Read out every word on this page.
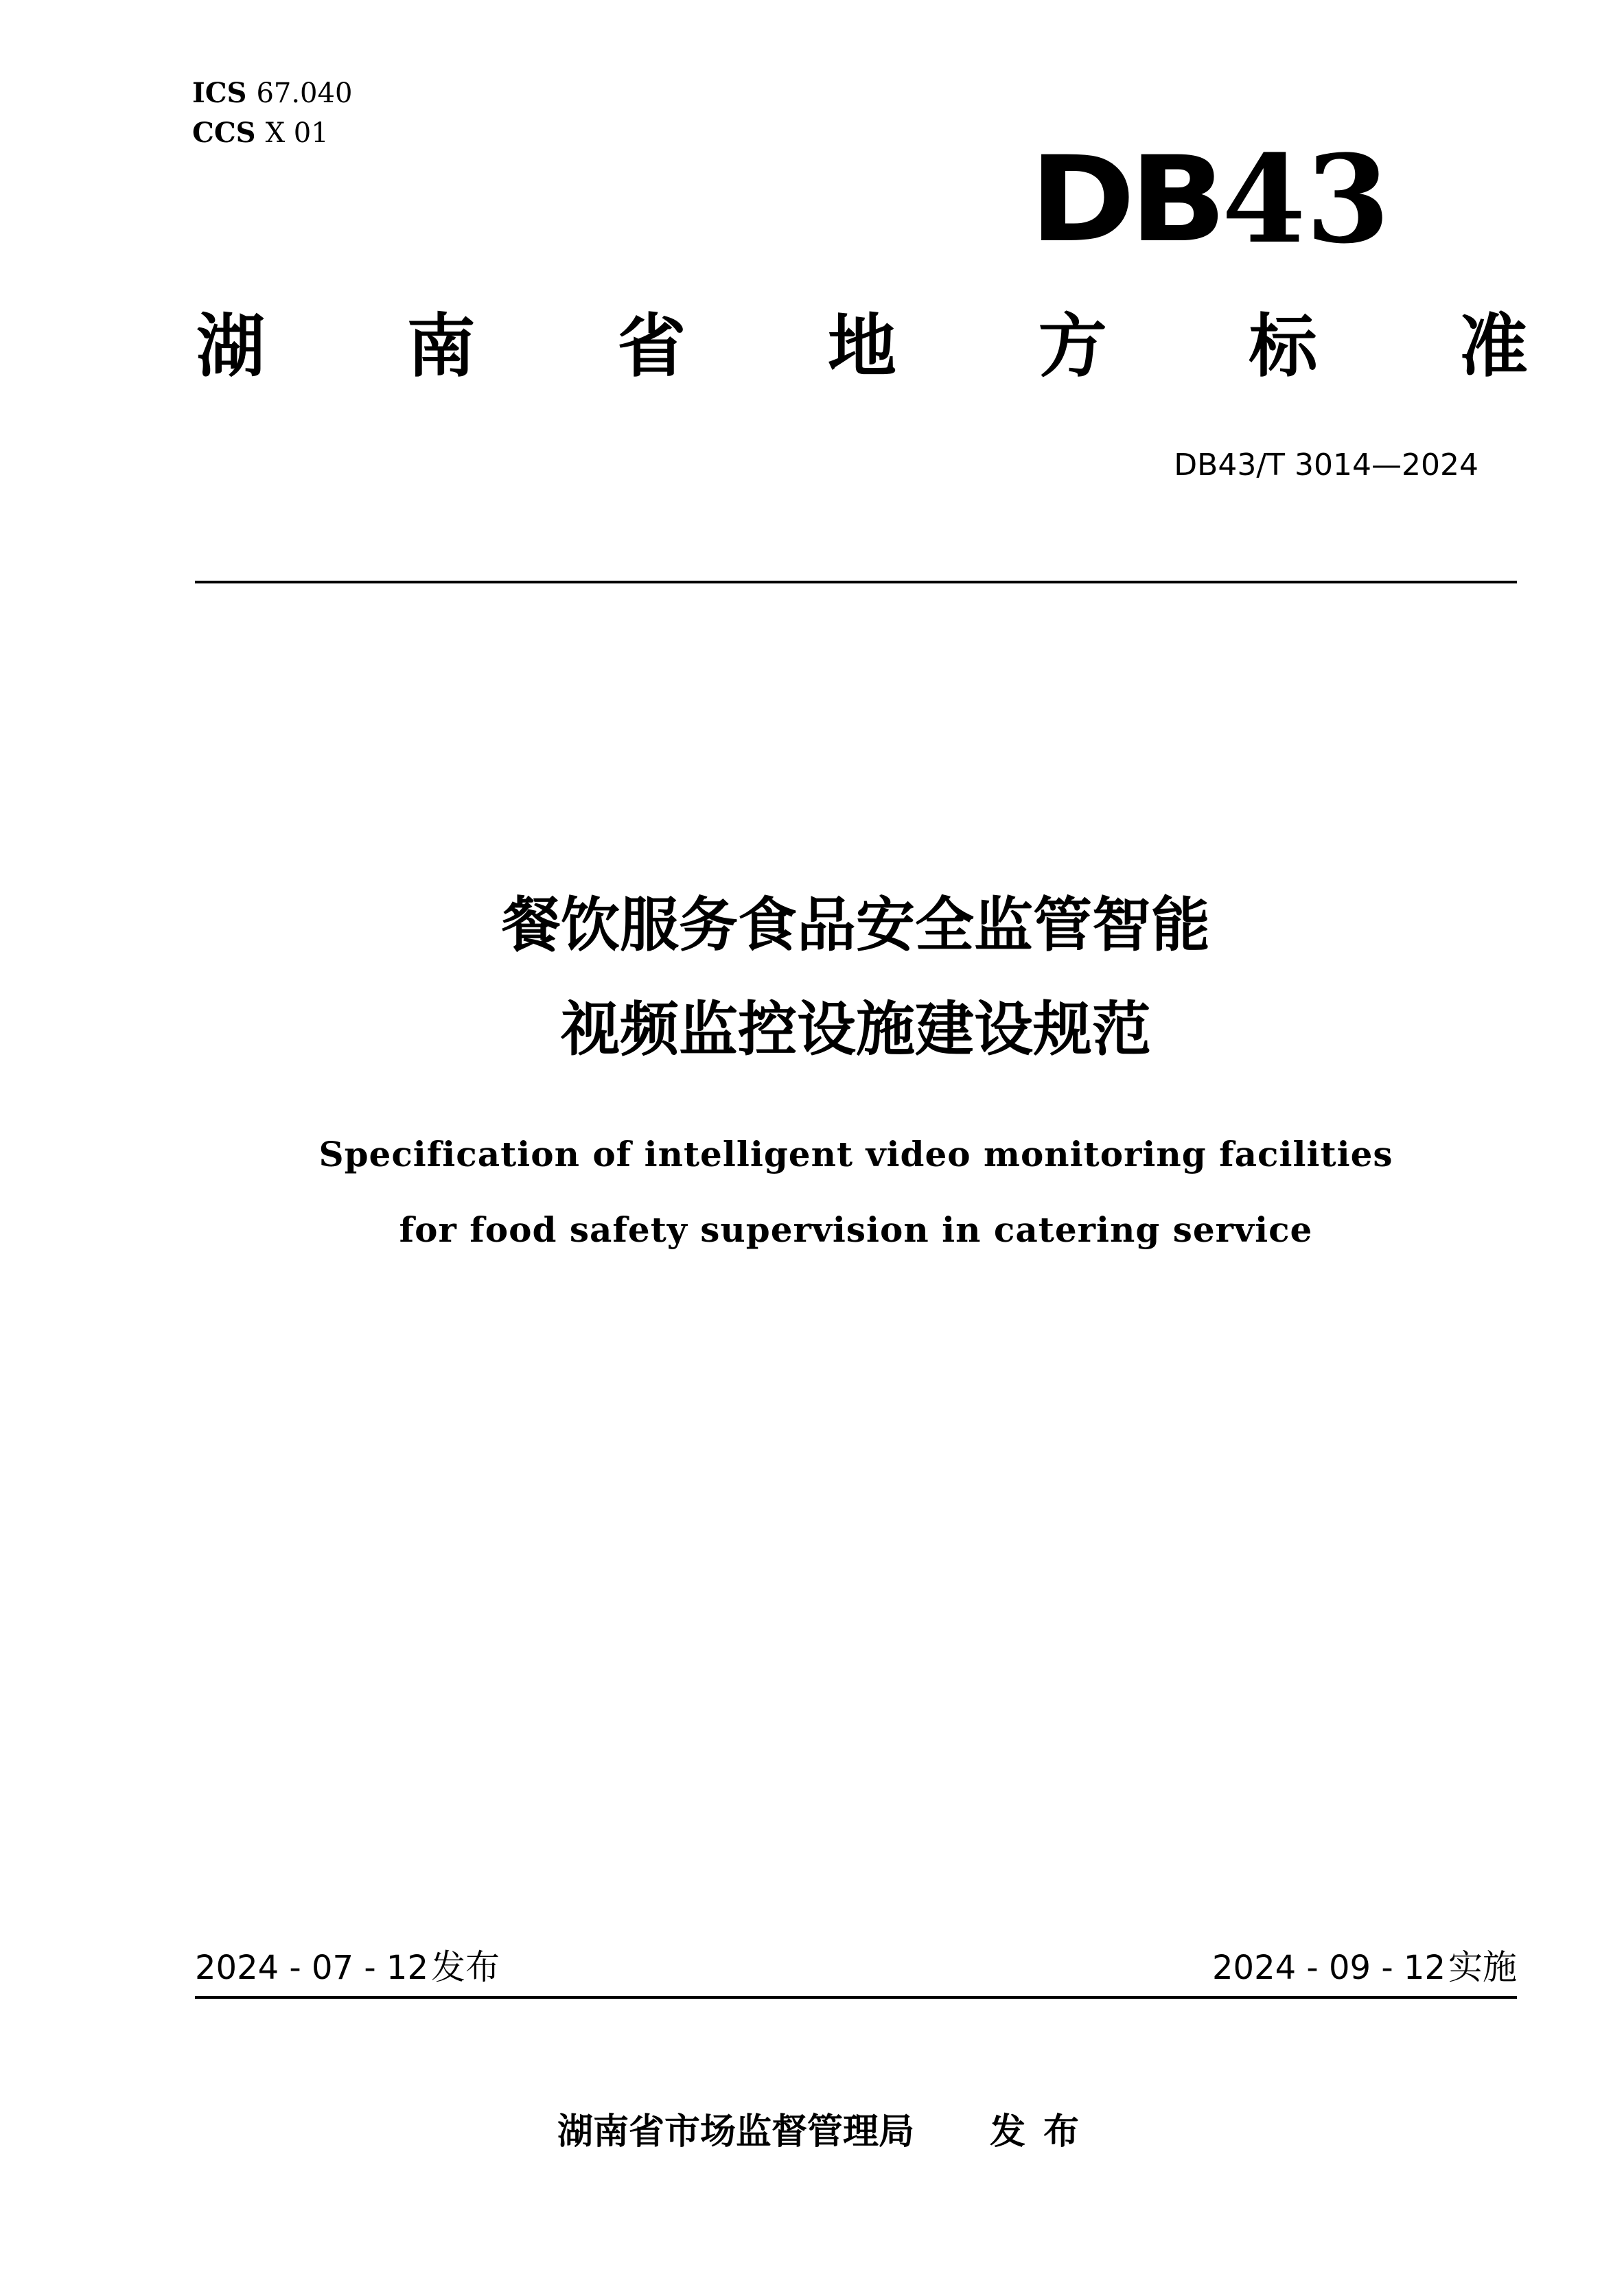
ICS 67.040
CCS X 01	DB 43
湖 南 省 地 方 标 准
DB43/T 3014—2024
餐饮服务食品安全监管智能
视频监控设施建设规范
Specification of intelligent video monitoring facilities
for food safety supervision in catering service
2024 - 07 - 12发布	2024 - 09 - 12实施
湖南省市场监督管理局 发布
